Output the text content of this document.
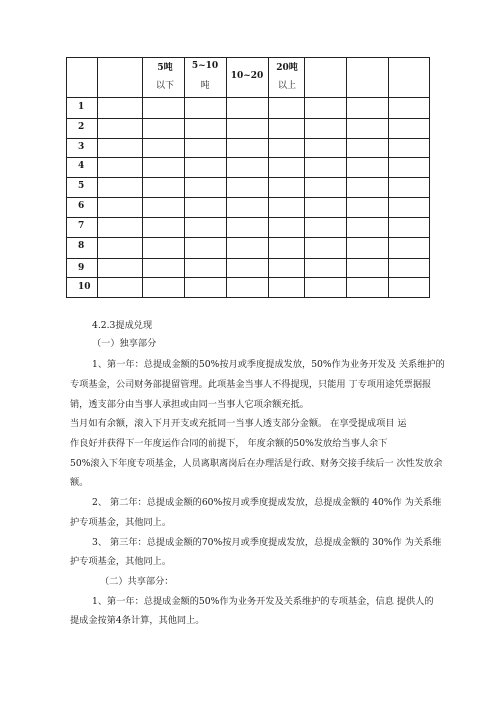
5吨
以下
5~10
吨
10~20
20吨
以上
1
2
3
4
5
6
7
8
9
10
4.2.3提成兑现
（一）独享部分
1、第一年：总提成金额的50%按月或季度提成发放，50%作为业务开发及 关系维护的
专项基金，公司财务部提留管理。此项基金当事人不得提现，只能用 丁专项用途凭票据报
销，透支部分由当事人承担或由同一当事人它项余额充抵。
当月如有余额，滚入下月开支或充抵同一当事人透支部分金额。 在享受提成项目 运
作良好并获得下一年度运作合同的前提下， 年度余额的50%发放给当事人余下
50%滚入下年度专项基金，人员离职离岗后在办理活是行政、财务交接手续后一 次性发放余
额。
2、 第二年：总提成金额的60%按月或季度提成发放，总提成金额的 40%作 为关系维
护专项基金，其他同上。
3、 第三年：总提成金额的70%按月或季度提成发放，总提成金额的 30%作 为关系维
护专项基金，其他同上。
（二）共享部分：
1、第一年：总提成金额的50%作为业务开发及关系维护的专项基金，信息 提供人的
提成金按第4条计算，其他同上。
